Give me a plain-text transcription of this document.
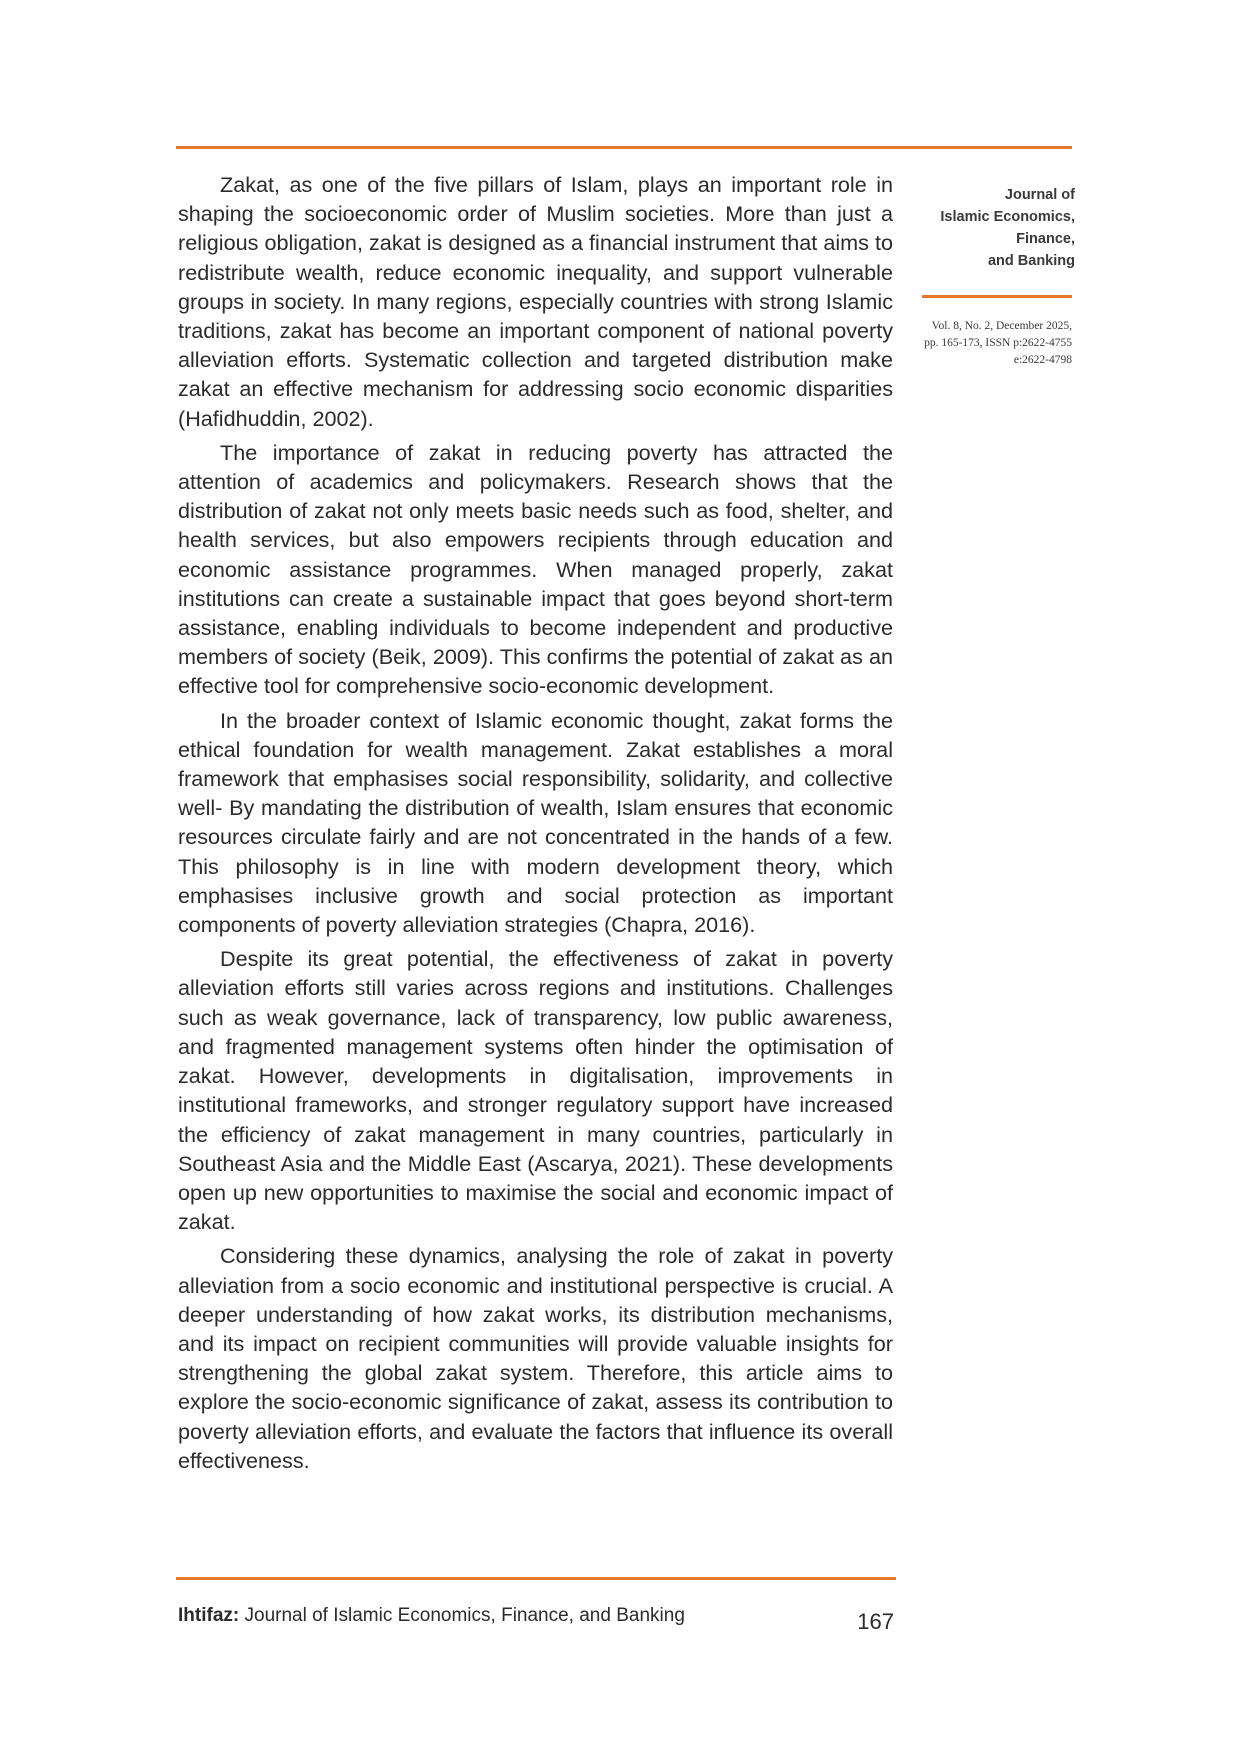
Zakat, as one of the five pillars of Islam, plays an important role in shaping the socioeconomic order of Muslim societies. More than just a religious obligation, zakat is designed as a financial instrument that aims to redistribute wealth, reduce economic inequality, and support vulnerable groups in society. In many regions, especially countries with strong Islamic traditions, zakat has become an important component of national poverty alleviation efforts. Systematic collection and targeted distribution make zakat an effective mechanism for addressing socio economic disparities (Hafidhuddin, 2002).

The importance of zakat in reducing poverty has attracted the attention of academics and policymakers. Research shows that the distribution of zakat not only meets basic needs such as food, shelter, and health services, but also empowers recipients through education and economic assistance programmes. When managed properly, zakat institutions can create a sustainable impact that goes beyond short-term assistance, enabling individuals to become independent and productive members of society (Beik, 2009). This confirms the potential of zakat as an effective tool for comprehensive socio-economic development.

In the broader context of Islamic economic thought, zakat forms the ethical foundation for wealth management. Zakat establishes a moral framework that emphasises social responsibility, solidarity, and collective well- By mandating the distribution of wealth, Islam ensures that economic resources circulate fairly and are not concentrated in the hands of a few. This philosophy is in line with modern development theory, which emphasises inclusive growth and social protection as important components of poverty alleviation strategies (Chapra, 2016).

Despite its great potential, the effectiveness of zakat in poverty alleviation efforts still varies across regions and institutions. Challenges such as weak governance, lack of transparency, low public awareness, and fragmented management systems often hinder the optimisation of zakat. However, developments in digitalisation, improvements in institutional frameworks, and stronger regulatory support have increased the efficiency of zakat management in many countries, particularly in Southeast Asia and the Middle East (Ascarya, 2021). These developments open up new opportunities to maximise the social and economic impact of zakat.

Considering these dynamics, analysing the role of zakat in poverty alleviation from a socio economic and institutional perspective is crucial. A deeper understanding of how zakat works, its distribution mechanisms, and its impact on recipient communities will provide valuable insights for strengthening the global zakat system. Therefore, this article aims to explore the socio-economic significance of zakat, assess its contribution to poverty alleviation efforts, and evaluate the factors that influence its overall effectiveness.

Journal of
Islamic Economics,
Finance,
and Banking
Vol. 8, No. 2, December 2025,
pp. 165-173, ISSN p:2622-4755
e:2622-4798
Ihtifaz: Journal of Islamic Economics, Finance, and Banking	167
